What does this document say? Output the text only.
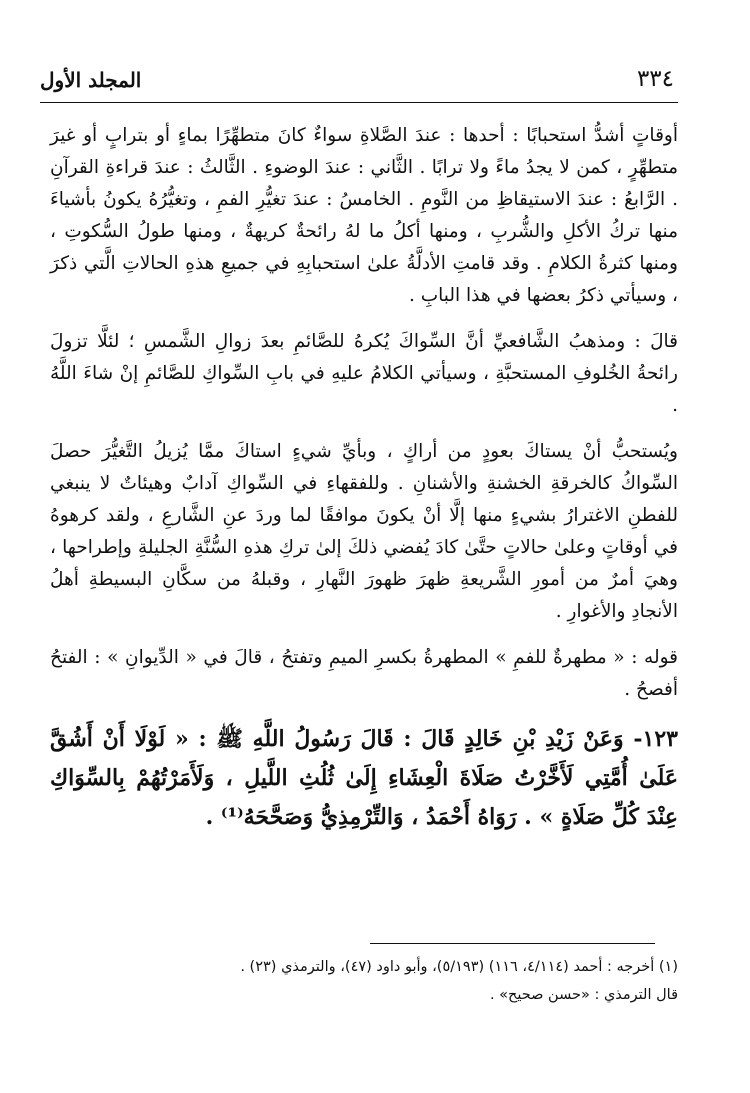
٣٣٤
المجلد الأول

أوقاتٍ أشدُّ استحبابًا : أحدها : عندَ الصَّلاةِ سواءٌ كانَ متطهِّرًا بماءٍ أو بترابٍ أو غيرَ متطهِّرٍ ، كمن لا يجدُ ماءً ولا ترابًا . الثَّاني : عندَ الوضوءِ . الثَّالثُ : عندَ قراءةِ القرآنِ . الرَّابعُ : عندَ الاستيقاظِ من النَّومِ . الخامسُ : عندَ تغيُّرِ الفمِ ، وتغيُّرُهُ يكونُ بأشياءَ منها تركُ الأكلِ والشُّربِ ، ومنها أكلُ ما لهُ رائحةٌ كريهةٌ ، ومنها طولُ السُّكوتِ ، ومنها كثرةُ الكلامِ . وقد قامتِ الأدلَّةُ علىٰ استحبابِهِ في جميعِ هذهِ الحالاتِ الَّتي ذكرَ ، وسيأتي ذكرُ بعضها في هذا البابِ .

قالَ : ومذهبُ الشَّافعيِّ أنَّ السِّواكَ يُكرهُ للصَّائمِ بعدَ زوالِ الشَّمسِ ؛ لئلَّا تزولَ رائحةُ الخُلوفِ المستحبَّةِ ، وسيأتي الكلامُ عليهِ في بابِ السِّواكِ للصَّائمِ إنْ شاءَ اللَّهُ .

ويُستحبُّ أنْ يستاكَ بعودٍ من أراكٍ ، وبأيِّ شيءٍ استاكَ ممَّا يُزيلُ التَّغيُّرَ حصلَ السِّواكُ كالخرقةِ الخشنةِ والأشنانِ . وللفقهاءِ في السِّواكِ آدابٌ وهيئاتٌ لا ينبغي للفطنِ الاغترارُ بشيءٍ منها إلَّا أنْ يكونَ موافقًا لما وردَ عنِ الشَّارعِ ، ولقد كرهوهُ في أوقاتٍ وعلىٰ حالاتٍ حتَّىٰ كادَ يُفضي ذلكَ إلىٰ تركِ هذهِ السُّنَّةِ الجليلةِ وإطراحها ، وهيَ أمرٌ من أمورِ الشَّريعةِ ظهرَ ظهورَ النَّهارِ ، وقبلهُ من سكَّانِ البسيطةِ أهلُ الأنجادِ والأغوارِ .

قوله : « مطهرةٌ للفمِ » المطهرةُ بكسرِ الميمِ وتفتحُ ، قالَ في « الدِّيوانِ » : الفتحُ أفصحُ .

١٢٣- وَعَنْ زَيْدِ بْنِ خَالِدٍ قَالَ : قَالَ رَسُولُ اللَّهِ ﷺ : « لَوْلَا أَنْ أَشُقَّ عَلَىٰ أُمَّتِي لَأَخَّرْتُ صَلَاةَ الْعِشَاءِ إِلَىٰ ثُلُثِ اللَّيلِ ، وَلَأَمَرْتُهُمْ بِالسِّوَاكِ عِنْدَ كُلِّ صَلَاةٍ » . رَوَاهُ أَحْمَدُ ، وَالتِّرْمِذِيُّ وَصَحَّحَهُ⁽¹⁾ .

(١) أخرجه : أحمد (٤/١١٤، ١١٦) (٥/١٩٣)، وأبو داود (٤٧)، والترمذي (٢٣) .
قال الترمذي : «حسن صحيح» .
